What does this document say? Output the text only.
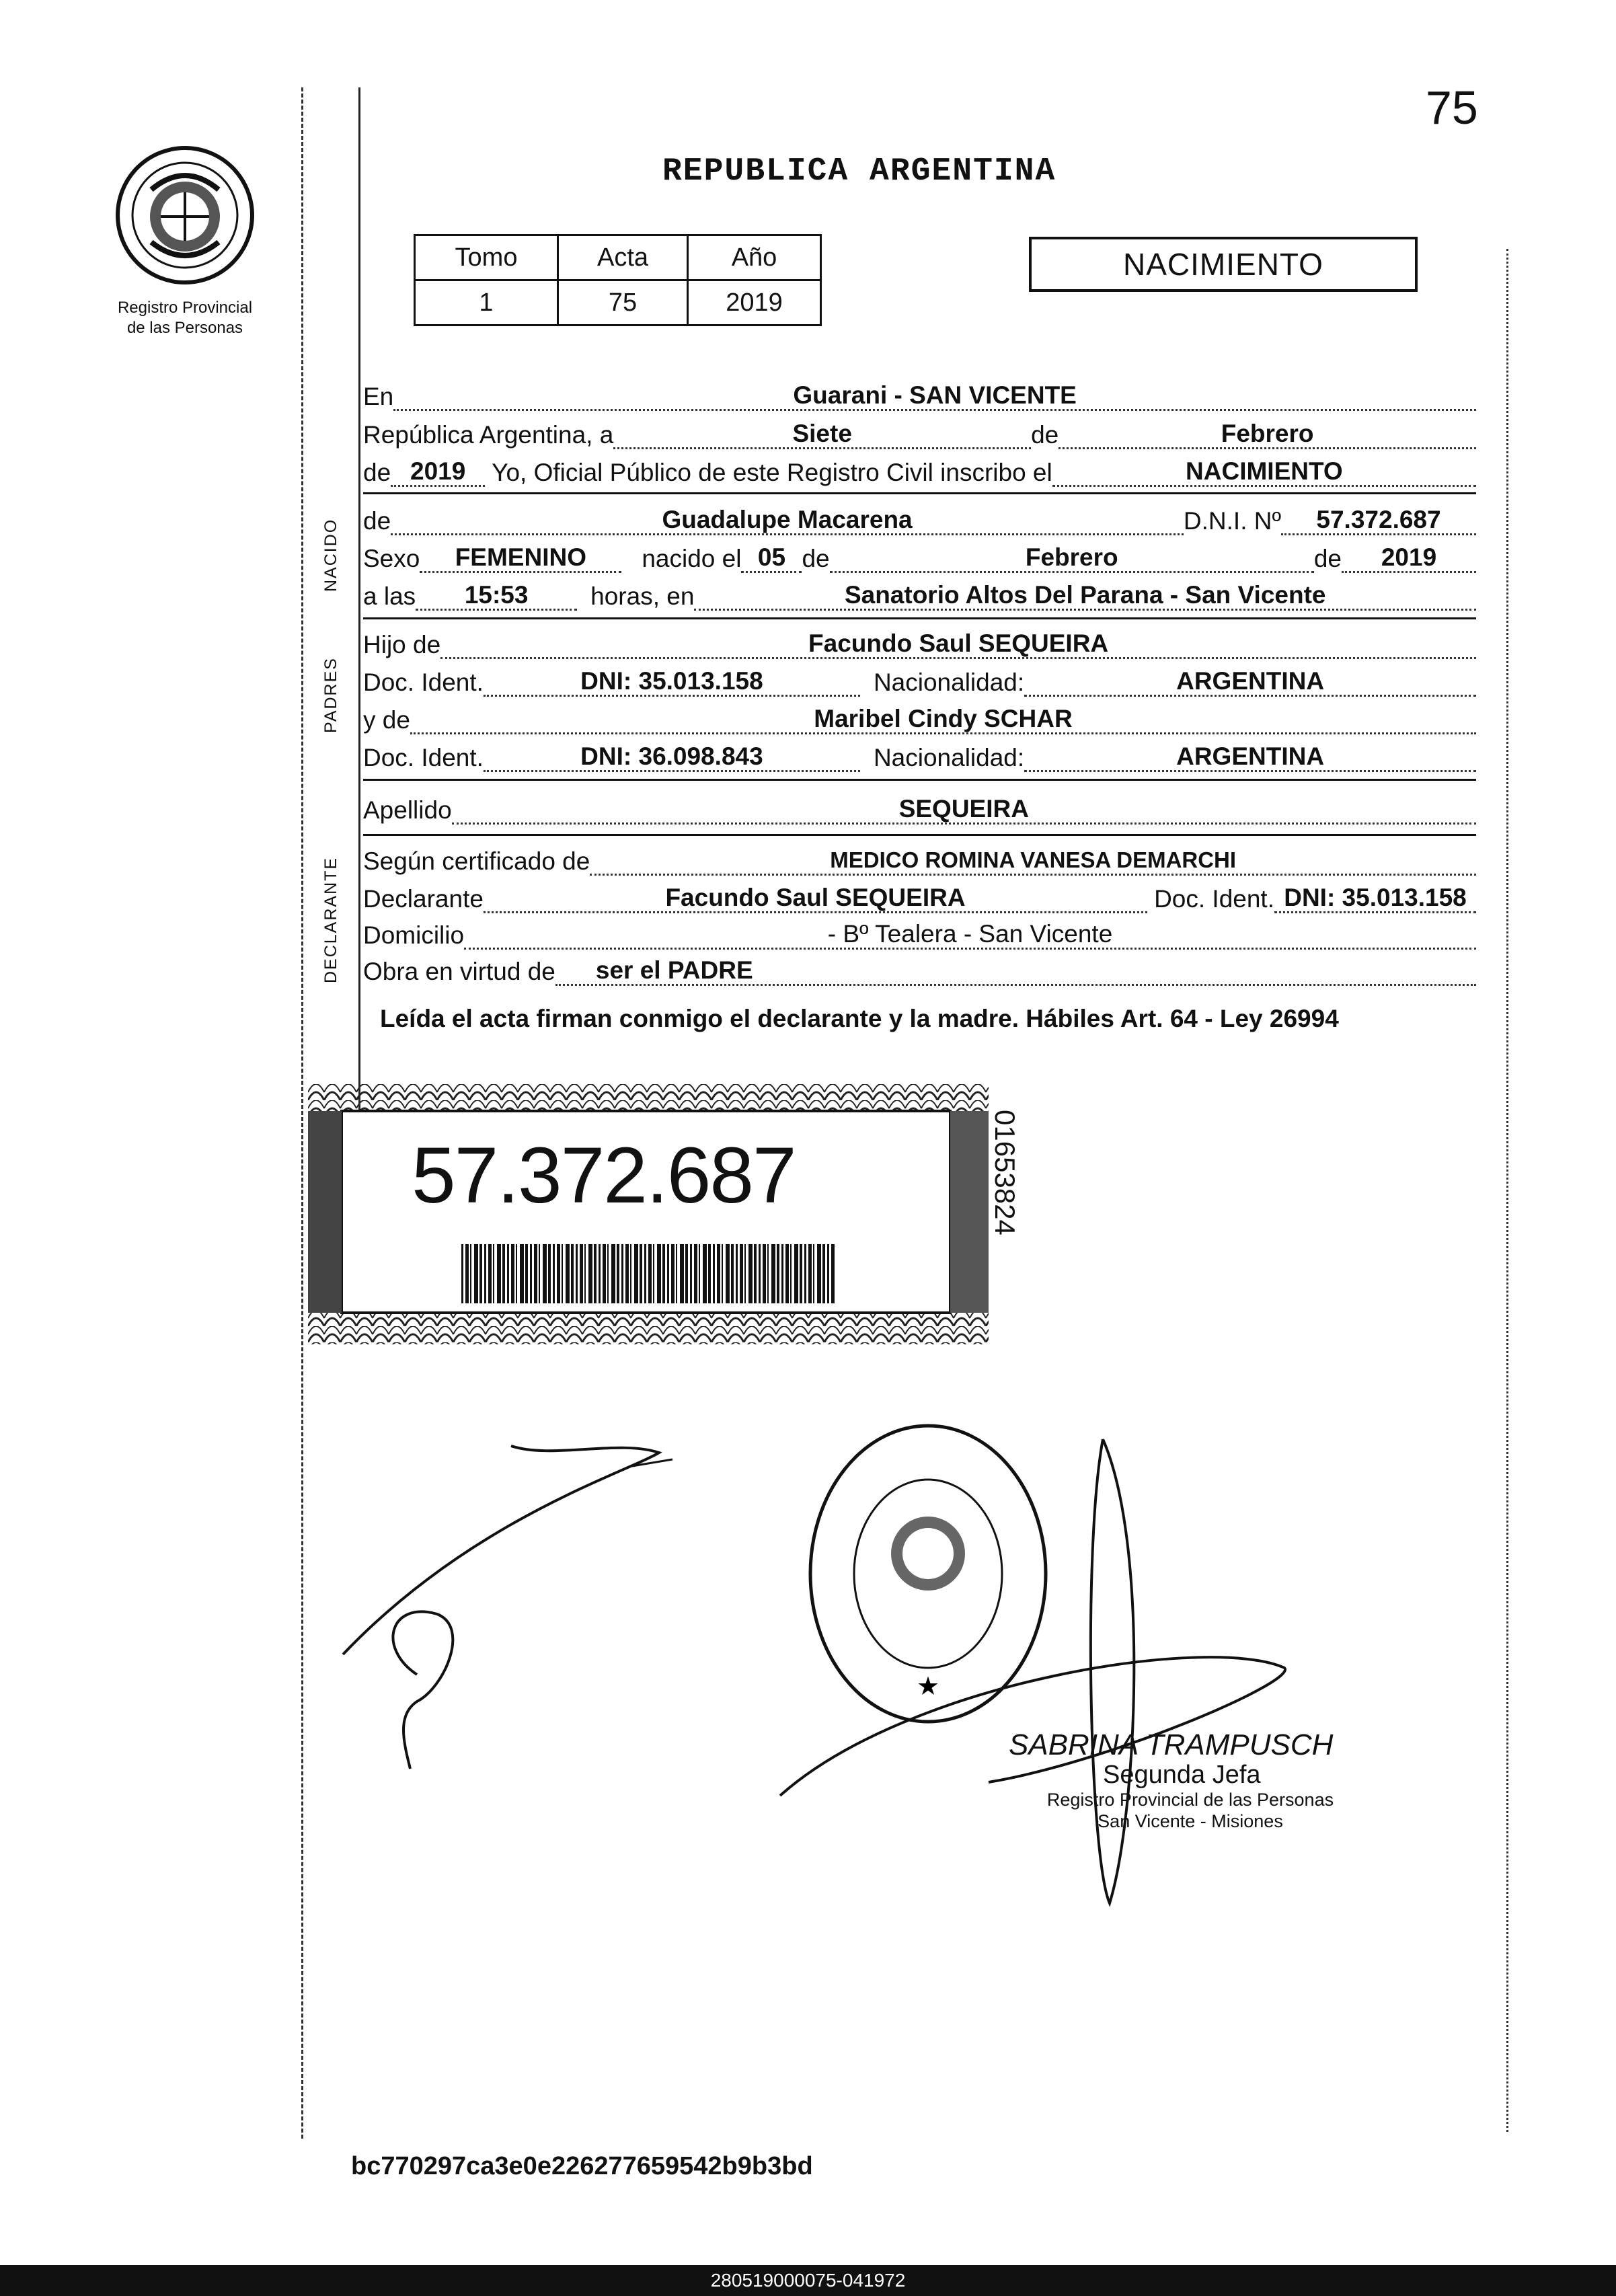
75
REPUBLICA ARGENTINA
Registro Provincial
de las Personas
Tomo	Acta	Año
1	75	2019
NACIMIENTO
NACIDO
PADRES
DECLARANTE
En	Guarani - SAN VICENTE
República Argentina, a	Siete	de	Febrero
de 2019	Yo, Oficial Público de este Registro Civil inscribo el	NACIMIENTO
de	Guadalupe Macarena	D.N.I. Nº	57.372.687
Sexo	FEMENINO	nacido el 05 de	Febrero	de	2019
a las	15:53	horas, en	Sanatorio Altos Del Parana - San Vicente
Hijo de	Facundo Saul SEQUEIRA
Doc. Ident.	DNI: 35.013.158	Nacionalidad:	ARGENTINA
y de	Maribel Cindy SCHAR
Doc. Ident.	DNI: 36.098.843	Nacionalidad:	ARGENTINA
Apellido	SEQUEIRA
Según certificado de	MEDICO ROMINA VANESA DEMARCHI
Declarante	Facundo Saul SEQUEIRA	Doc. Ident. DNI: 35.013.158
Domicilio	- Bº Tealera - San Vicente
Obra en virtud de	ser el PADRE
Leída el acta firman conmigo el declarante y la madre. Hábiles Art. 64 - Ley 26994
57.372.687	01653824
★
SABRINA TRAMPUSCH
Segunda Jefa
Registro Provincial de las Personas
San Vicente - Misiones
bc770297ca3e0e226277659542b9b3bd
280519000075-041972
